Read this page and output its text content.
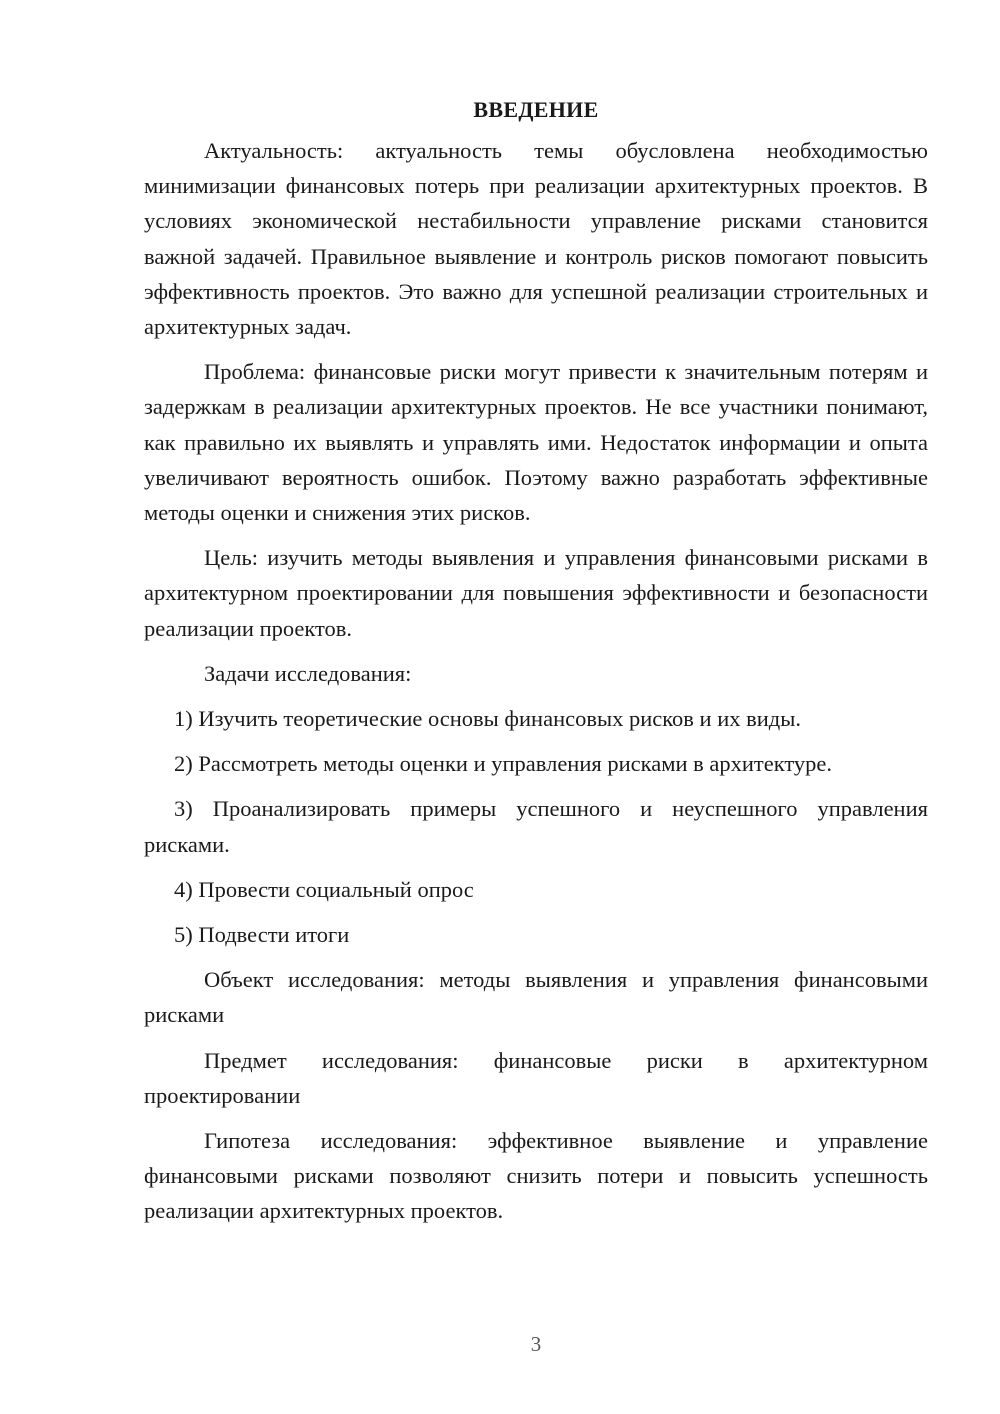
ВВЕДЕНИЕ

Актуальность: актуальность темы обусловлена необходимостью минимизации финансовых потерь при реализации архитектурных проектов. В условиях экономической нестабильности управление рисками становится важной задачей. Правильное выявление и контроль рисков помогают повысить эффективность проектов. Это важно для успешной реализации строительных и архитектурных задач.

Проблема: финансовые риски могут привести к значительным потерям и задержкам в реализации архитектурных проектов. Не все участники понимают, как правильно их выявлять и управлять ими. Недостаток информации и опыта увеличивают вероятность ошибок. Поэтому важно разработать эффективные методы оценки и снижения этих рисков.

Цель: изучить методы выявления и управления финансовыми рисками в архитектурном проектировании для повышения эффективности и безопасности реализации проектов.

Задачи исследования:

1) Изучить теоретические основы финансовых рисков и их виды.

2) Рассмотреть методы оценки и управления рисками в архитектуре.

3) Проанализировать примеры успешного и неуспешного управления рисками.

4) Провести социальный опрос

5) Подвести итоги

Объект исследования: методы выявления и управления финансовыми рисками

Предмет исследования: финансовые риски в архитектурном проектировании

Гипотеза исследования: эффективное выявление и управление финансовыми рисками позволяют снизить потери и повысить успешность реализации архитектурных проектов.

3
